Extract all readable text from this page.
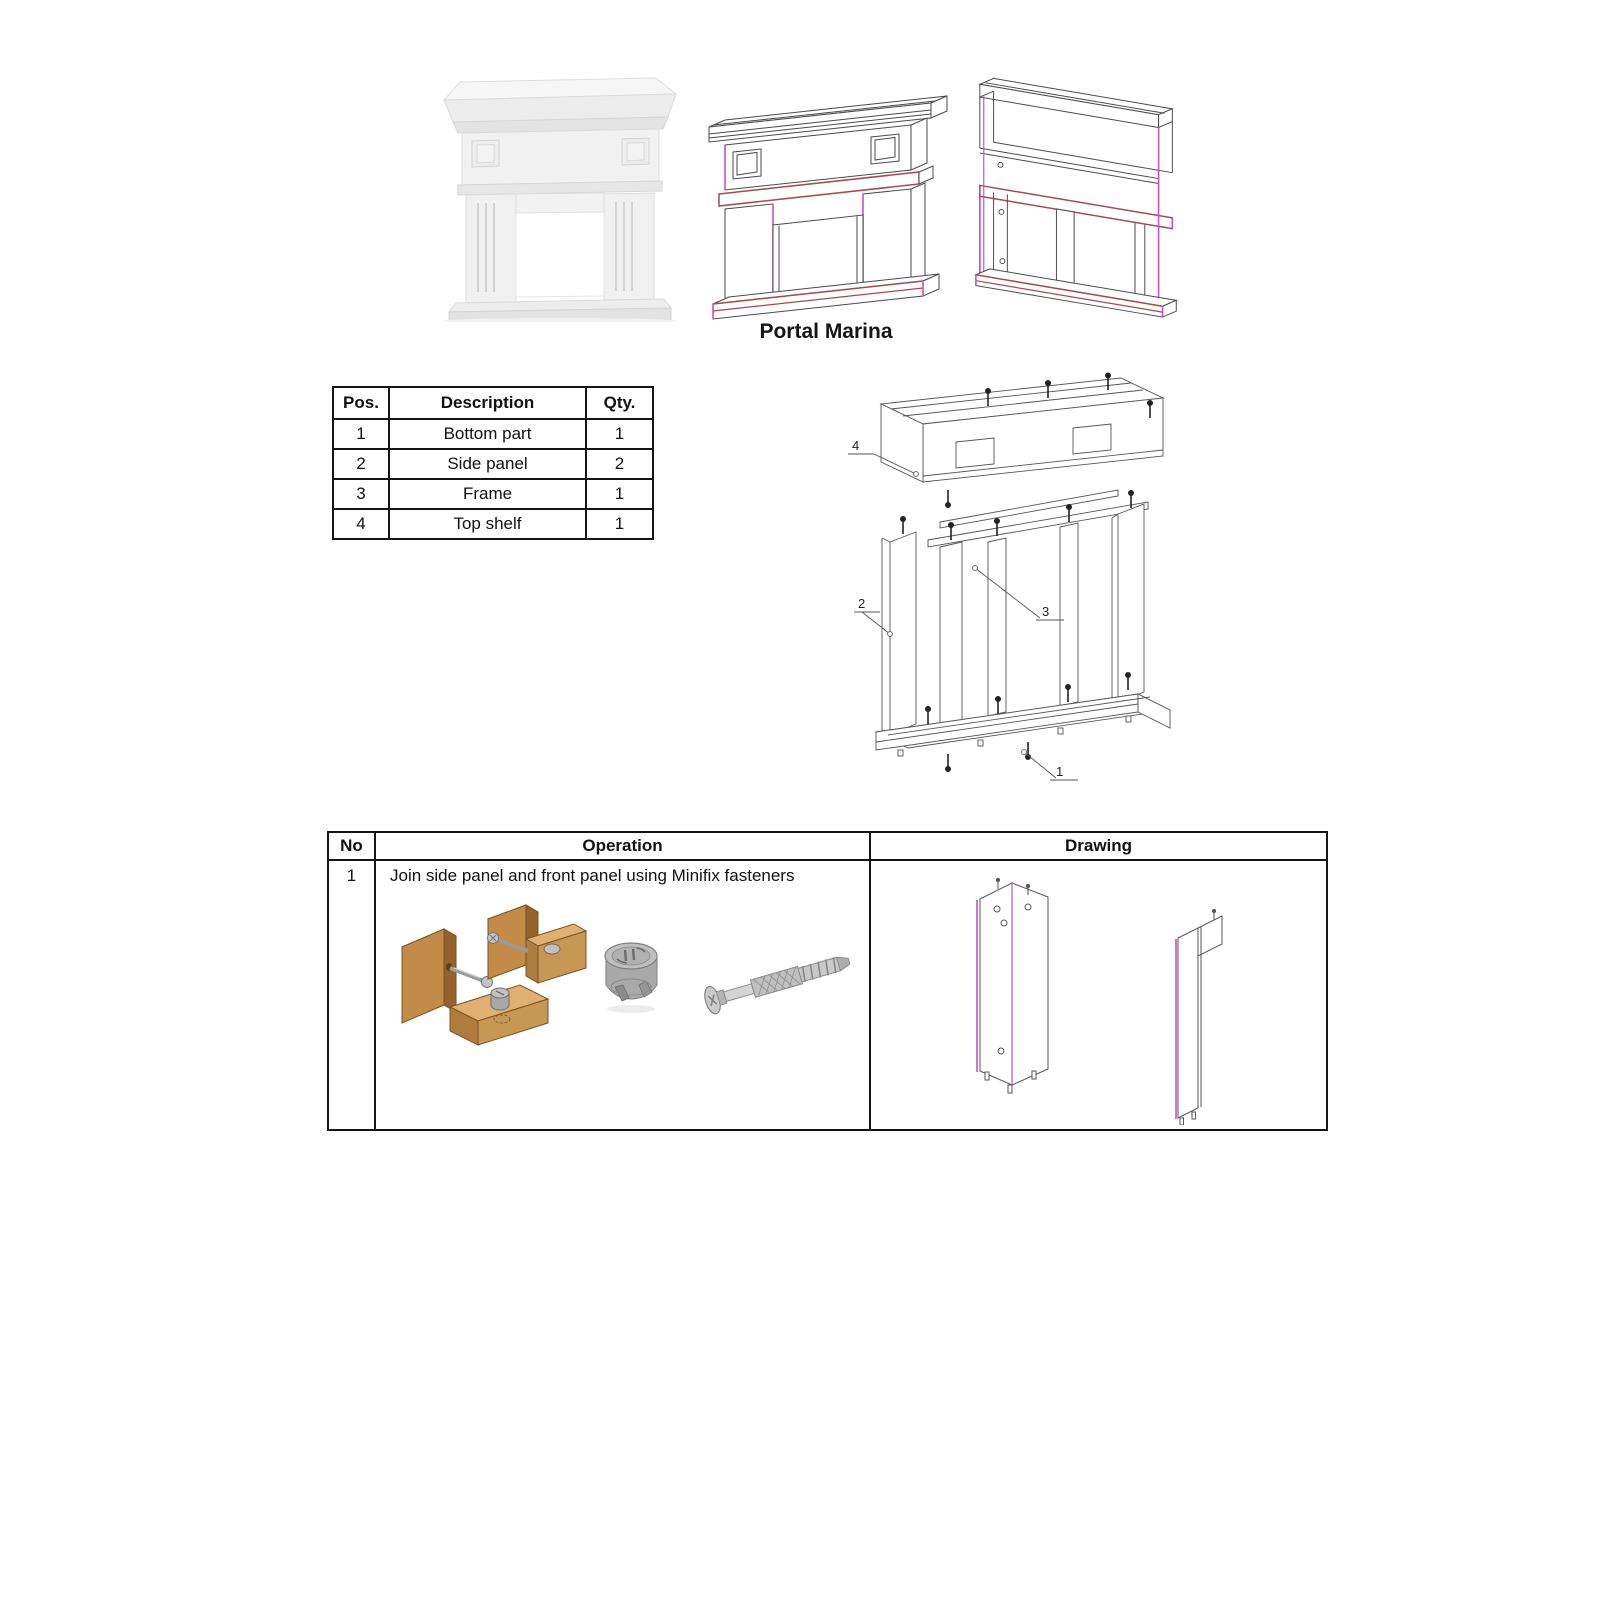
Portal Marina
Pos.	Description	Qty.
1	Bottom part	1
2	Side panel	2
3	Frame	1
4	Top shelf	1
4
2
3
1
No	Operation	Drawing
1	Join side panel and front panel using Minifix fasteners
